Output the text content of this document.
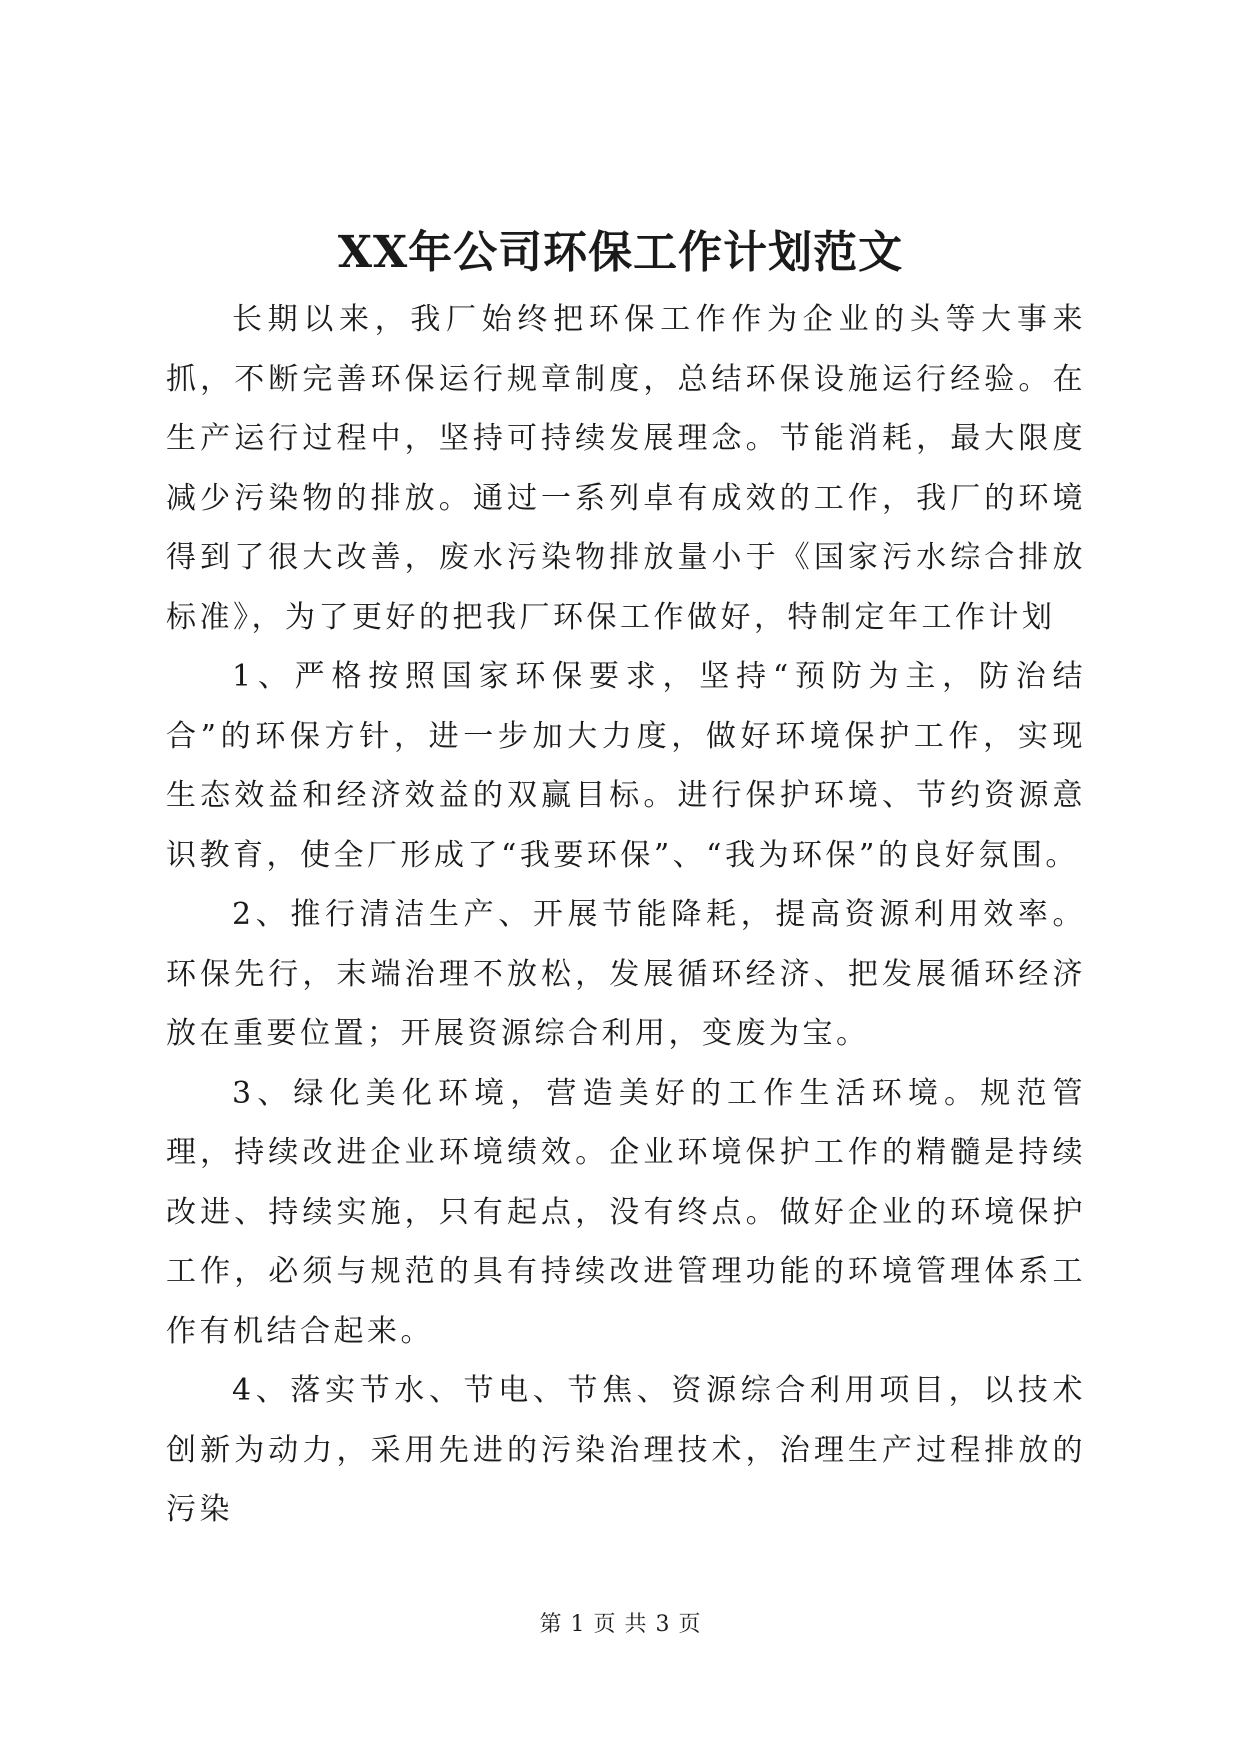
XX年公司环保工作计划范文

长期以来，我厂始终把环保工作作为企业的头等大事来抓，不断完善环保运行规章制度，总结环保设施运行经验。在生产运行过程中，坚持可持续发展理念。节能消耗，最大限度减少污染物的排放。通过一系列卓有成效的工作，我厂的环境得到了很大改善，废水污染物排放量小于《国家污水综合排放标准》，为了更好的把我厂环保工作做好，特制定年工作计划

1、严格按照国家环保要求，坚持“预防为主，防治结合”的环保方针，进一步加大力度，做好环境保护工作，实现生态效益和经济效益的双赢目标。进行保护环境、节约资源意识教育，使全厂形成了“我要环保”、“我为环保”的良好氛围。

2、推行清洁生产、开展节能降耗，提高资源利用效率。环保先行，末端治理不放松，发展循环经济、把发展循环经济放在重要位置；开展资源综合利用，变废为宝。

3、绿化美化环境，营造美好的工作生活环境。规范管理，持续改进企业环境绩效。企业环境保护工作的精髓是持续改进、持续实施，只有起点，没有终点。做好企业的环境保护工作，必须与规范的具有持续改进管理功能的环境管理体系工作有机结合起来。

4、落实节水、节电、节焦、资源综合利用项目，以技术创新为动力，采用先进的污染治理技术，治理生产过程排放的污染

第 1 页 共 3 页
